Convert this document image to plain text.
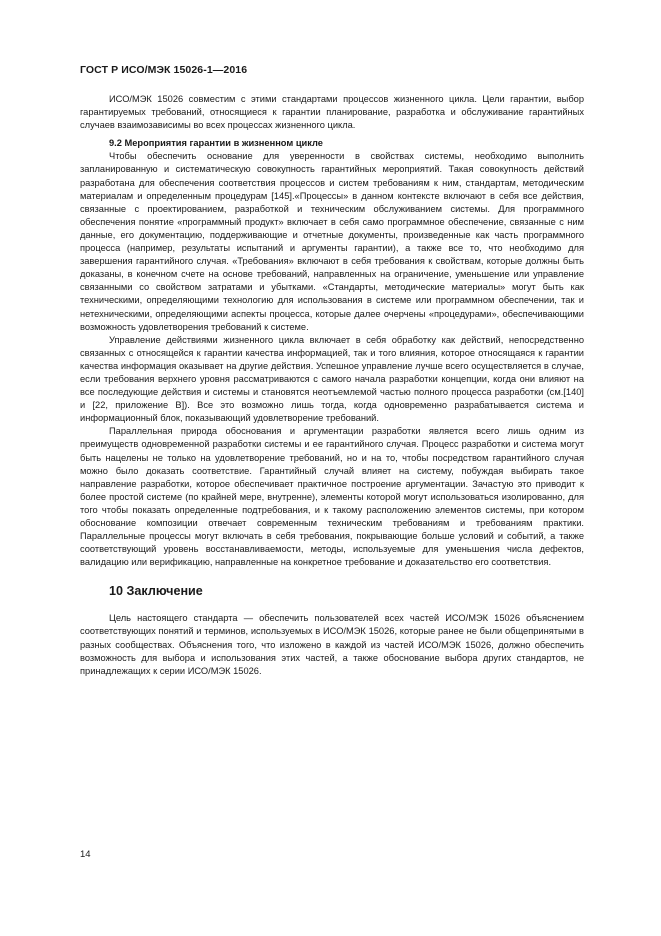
ГОСТ Р ИСО/МЭК 15026-1—2016

ИСО/МЭК 15026 совместим с этими стандартами процессов жизненного цикла. Цели гарантии, выбор гарантируемых требований, относящиеся к гарантии планирование, разработка и обслуживание гарантийных случаев взаимозависимы во всех процессах жизненного цикла.

9.2 Мероприятия гарантии в жизненном цикле

Чтобы обеспечить основание для уверенности в свойствах системы, необходимо выполнить запланированную и систематическую совокупность гарантийных мероприятий. Такая совокупность действий разработана для обеспечения соответствия процессов и систем требованиям к ним, стандартам, методическим материалам и определенным процедурам [145].«Процессы» в данном контексте включают в себя все действия, связанные с проектированием, разработкой и техническим обслуживанием системы. Для программного обеспечения понятие «программный продукт» включает в себя само программное обеспечение, связанные с ним данные, его документацию, поддерживающие и отчетные документы, произведенные как часть программного процесса (например, результаты испытаний и аргументы гарантии), а также все то, что необходимо для завершения гарантийного случая. «Требования» включают в себя требования к свойствам, которые должны быть доказаны, в конечном счете на основе требований, направленных на ограничение, уменьшение или управление связанными со свойством затратами и убытками. «Стандарты, методические материалы» могут быть как техническими, определяющими технологию для использования в системе или программном обеспечении, так и нетехническими, определяющими аспекты процесса, которые далее очерчены «процедурами», обеспечивающими возможность удовлетворения требований к системе.

Управление действиями жизненного цикла включает в себя обработку как действий, непосредственно связанных с относящейся к гарантии качества информацией, так и того влияния, которое относящаяся к гарантии качества информация оказывает на другие действия. Успешное управление лучше всего осуществляется в случае, если требования верхнего уровня рассматриваются с самого начала разработки концепции, когда они влияют на все последующие действия и системы и становятся неотъемлемой частью полного процесса разработки (см.[140] и [22, приложение В]). Все это возможно лишь тогда, когда одновременно разрабатывается система и информационный блок, показывающий удовлетворение требований.

Параллельная природа обоснования и аргументации разработки является всего лишь одним из преимуществ одновременной разработки системы и ее гарантийного случая. Процесс разработки и система могут быть нацелены не только на удовлетворение требований, но и на то, чтобы посредством гарантийного случая можно было доказать соответствие. Гарантийный случай влияет на систему, побуждая выбирать такое направление разработки, которое обеспечивает практичное построение аргументации. Зачастую это приводит к более простой системе (по крайней мере, внутренне), элементы которой могут использоваться изолированно, для того чтобы показать определенные подтребования, и к такому расположению элементов системы, при котором обоснование композиции отвечает современным техническим требованиям и требованиям практики. Параллельные процессы могут включать в себя требования, покрывающие больше условий и событий, а также соответствующий уровень восстанавливаемости, методы, используемые для уменьшения числа дефектов, валидацию или верификацию, направленные на конкретное требование и доказательство его соответствия.

10 Заключение

Цель настоящего стандарта — обеспечить пользователей всех частей ИСО/МЭК 15026 объяснением соответствующих понятий и терминов, используемых в ИСО/МЭК 15026, которые ранее не были общепринятыми в разных сообществах. Объяснения того, что изложено в каждой из частей ИСО/МЭК 15026, должно обеспечить возможность для выбора и использования этих частей, а также обоснование выбора других стандартов, не принадлежащих к серии ИСО/МЭК 15026.

14
